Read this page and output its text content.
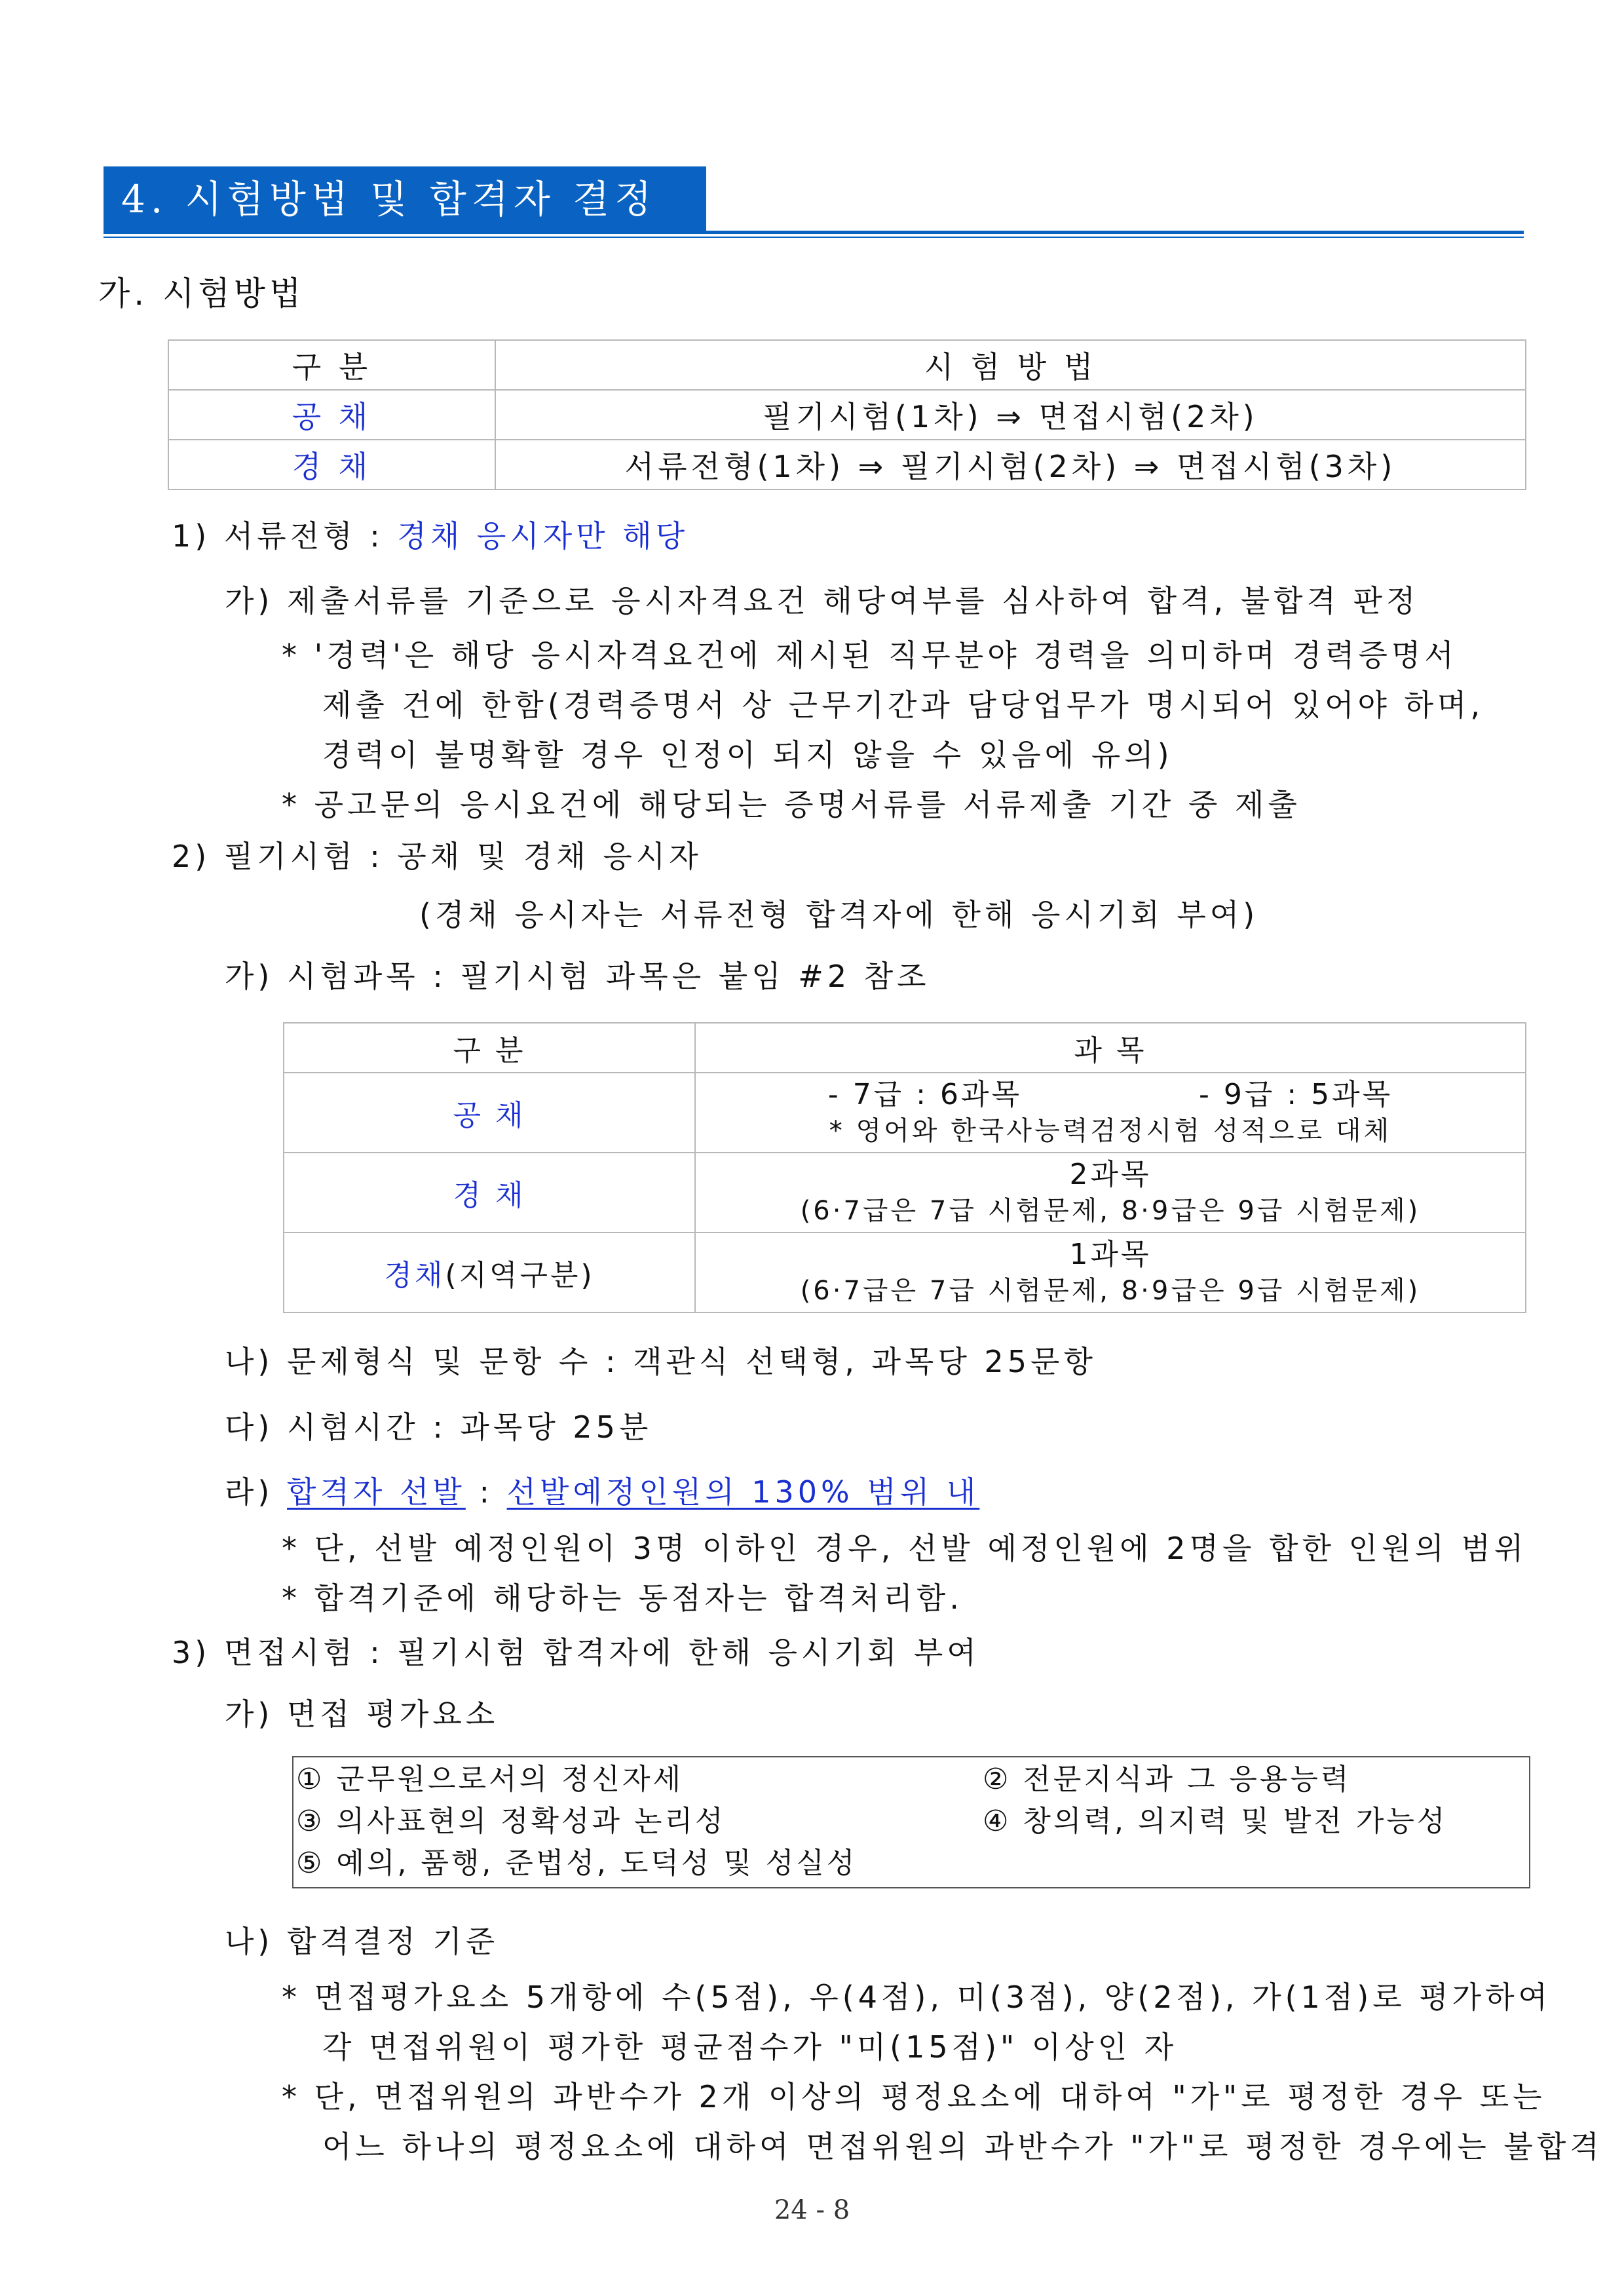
4. 시험방법 및 합격자 결정
가. 시험방법
구 분	시 험 방 법
공 채	필기시험(1차) ⇒ 면접시험(2차)
경 채	서류전형(1차) ⇒ 필기시험(2차) ⇒ 면접시험(3차)
1) 서류전형 : 경채 응시자만 해당
가) 제출서류를 기준으로 응시자격요건 해당여부를 심사하여 합격, 불합격 판정
* '경력'은 해당 응시자격요건에 제시된 직무분야 경력을 의미하며 경력증명서
제출 건에 한함(경력증명서 상 근무기간과 담당업무가 명시되어 있어야 하며,
경력이 불명확할 경우 인정이 되지 않을 수 있음에 유의)
* 공고문의 응시요건에 해당되는 증명서류를 서류제출 기간 중 제출
2) 필기시험 : 공채 및 경채 응시자
(경채 응시자는 서류전형 합격자에 한해 응시기회 부여)
가) 시험과목 : 필기시험 과목은 붙임 #2 참조
구 분	과 목
공 채	- 7급 : 6과목 - 9급 : 5과목
* 영어와 한국사능력검정시험 성적으로 대체

경 채	2과목
(6·7급은 7급 시험문제, 8·9급은 9급 시험문제)

경채(지역구분)	1과목
(6·7급은 7급 시험문제, 8·9급은 9급 시험문제)
나) 문제형식 및 문항 수 : 객관식 선택형, 과목당 25문항
다) 시험시간 : 과목당 25분
라) 합격자 선발 : 선발예정인원의 130% 범위 내
* 단, 선발 예정인원이 3명 이하인 경우, 선발 예정인원에 2명을 합한 인원의 범위
* 합격기준에 해당하는 동점자는 합격처리함.
3) 면접시험 : 필기시험 합격자에 한해 응시기회 부여
가) 면접 평가요소
① 군무원으로서의 정신자세	② 전문지식과 그 응용능력
③ 의사표현의 정확성과 논리성	④ 창의력, 의지력 및 발전 가능성
⑤ 예의, 품행, 준법성, 도덕성 및 성실성
나) 합격결정 기준
* 면접평가요소 5개항에 수(5점), 우(4점), 미(3점), 양(2점), 가(1점)로 평가하여
각 면접위원이 평가한 평균점수가 "미(15점)" 이상인 자
* 단, 면접위원의 과반수가 2개 이상의 평정요소에 대하여 "가"로 평정한 경우 또는
어느 하나의 평정요소에 대하여 면접위원의 과반수가 "가"로 평정한 경우에는 불합격
24 - 8
